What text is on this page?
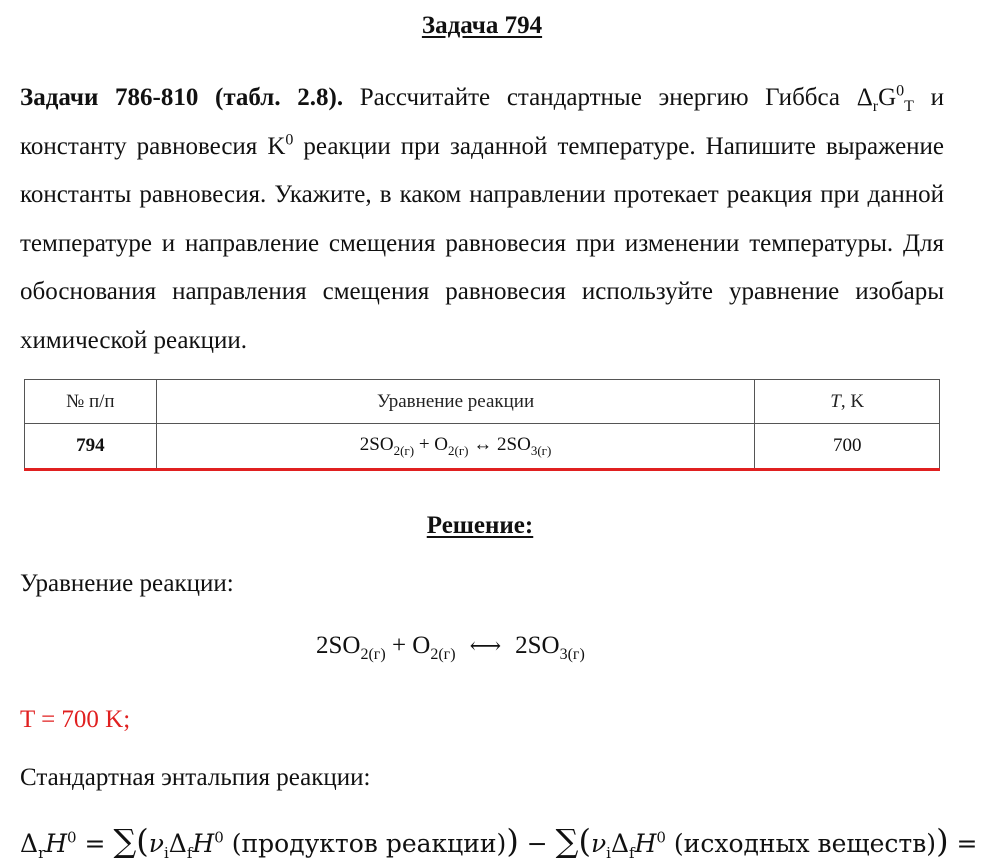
Задача 794
Задачи 786-810 (табл. 2.8). Рассчитайте стандартные энергию Гиббса $\Delta_rG^0_T$ и константу равновесия $K^0$ реакции при заданной температуре. Напишите выражение константы равновесия. Укажите, в каком направлении протекает реакция при данной температуре и направление смещения равновесия при изменении температуры. Для обоснования направления смещения равновесия используйте уравнение изобары химической реакции.
№ п/п	Уравнение реакции	T, K
794	$2SO_{2(г)} + O_{2(г)}$ ↔ $2SO_{3(г)}$	700
Решение:
Уравнение реакции:
$2SO_{2(г)} + O_{2(г)}$ ⟷ $2SO_{3(г)}$
T = 700 K;
Стандартная энтальпия реакции:
$\Delta_rH^0 = \sum(\nu_i\Delta_fH^0$ (продуктов реакции)) − $\sum(\nu_i\Delta_fH^0$ (исходных веществ)) =
